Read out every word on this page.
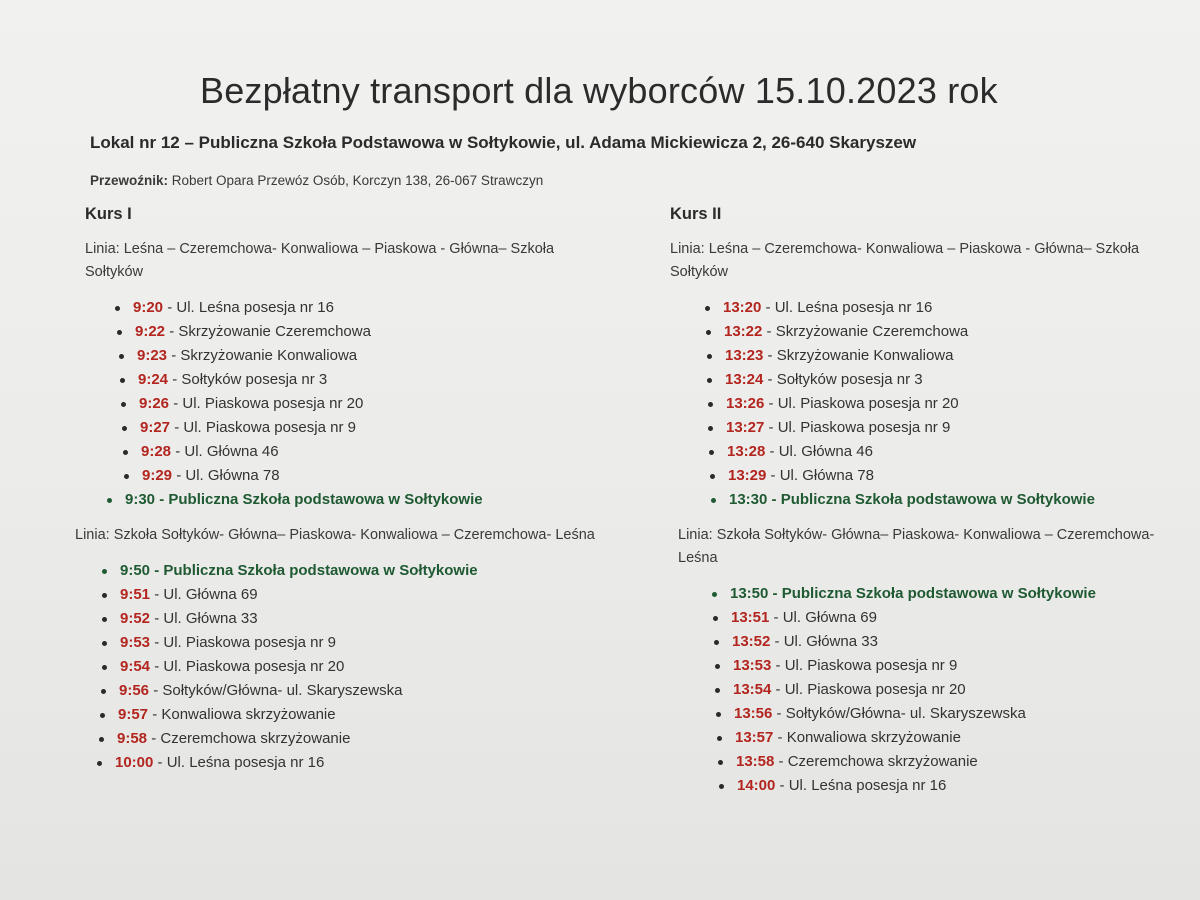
Bezpłatny transport dla wyborców 15.10.2023 rok
Lokal nr 12 – Publiczna Szkoła Podstawowa w Sołtykowie, ul. Adama Mickiewicza 2, 26-640 Skaryszew
Przewoźnik: Robert Opara Przewóz Osób, Korczyn 138, 26-067 Strawczyn
Kurs I
Linia: Leśna – Czeremchowa- Konwaliowa – Piaskowa - Główna– Szkoła Sołtyków
9:20 - Ul. Leśna posesja nr 16
9:22 - Skrzyżowanie Czeremchowa
9:23 - Skrzyżowanie Konwaliowa
9:24 - Sołtyków posesja nr 3
9:26 - Ul. Piaskowa posesja nr 20
9:27 - Ul. Piaskowa posesja nr 9
9:28 - Ul. Główna 46
9:29 - Ul. Główna 78
9:30 - Publiczna Szkoła podstawowa w Sołtykowie
Linia: Szkoła Sołtyków- Główna– Piaskowa- Konwaliowa – Czeremchowa- Leśna
9:50 - Publiczna Szkoła podstawowa w Sołtykowie
9:51 - Ul. Główna 69
9:52 - Ul. Główna 33
9:53 - Ul. Piaskowa posesja nr 9
9:54 - Ul. Piaskowa posesja nr 20
9:56 - Sołtyków/Główna- ul. Skaryszewska
9:57 - Konwaliowa skrzyżowanie
9:58 - Czeremchowa skrzyżowanie
10:00 - Ul. Leśna posesja nr 16
Kurs II
Linia: Leśna – Czeremchowa- Konwaliowa – Piaskowa - Główna– Szkoła Sołtyków
13:20 - Ul. Leśna posesja nr 16
13:22 - Skrzyżowanie Czeremchowa
13:23 - Skrzyżowanie Konwaliowa
13:24 - Sołtyków posesja nr 3
13:26 - Ul. Piaskowa posesja nr 20
13:27 - Ul. Piaskowa posesja nr 9
13:28 - Ul. Główna 46
13:29 - Ul. Główna 78
13:30 - Publiczna Szkoła podstawowa w Sołtykowie
Linia: Szkoła Sołtyków- Główna– Piaskowa- Konwaliowa – Czeremchowa- Leśna
13:50 - Publiczna Szkoła podstawowa w Sołtykowie
13:51 - Ul. Główna 69
13:52 - Ul. Główna 33
13:53 - Ul. Piaskowa posesja nr 9
13:54 - Ul. Piaskowa posesja nr 20
13:56 - Sołtyków/Główna- ul. Skaryszewska
13:57 - Konwaliowa skrzyżowanie
13:58 - Czeremchowa skrzyżowanie
14:00 - Ul. Leśna posesja nr 16
